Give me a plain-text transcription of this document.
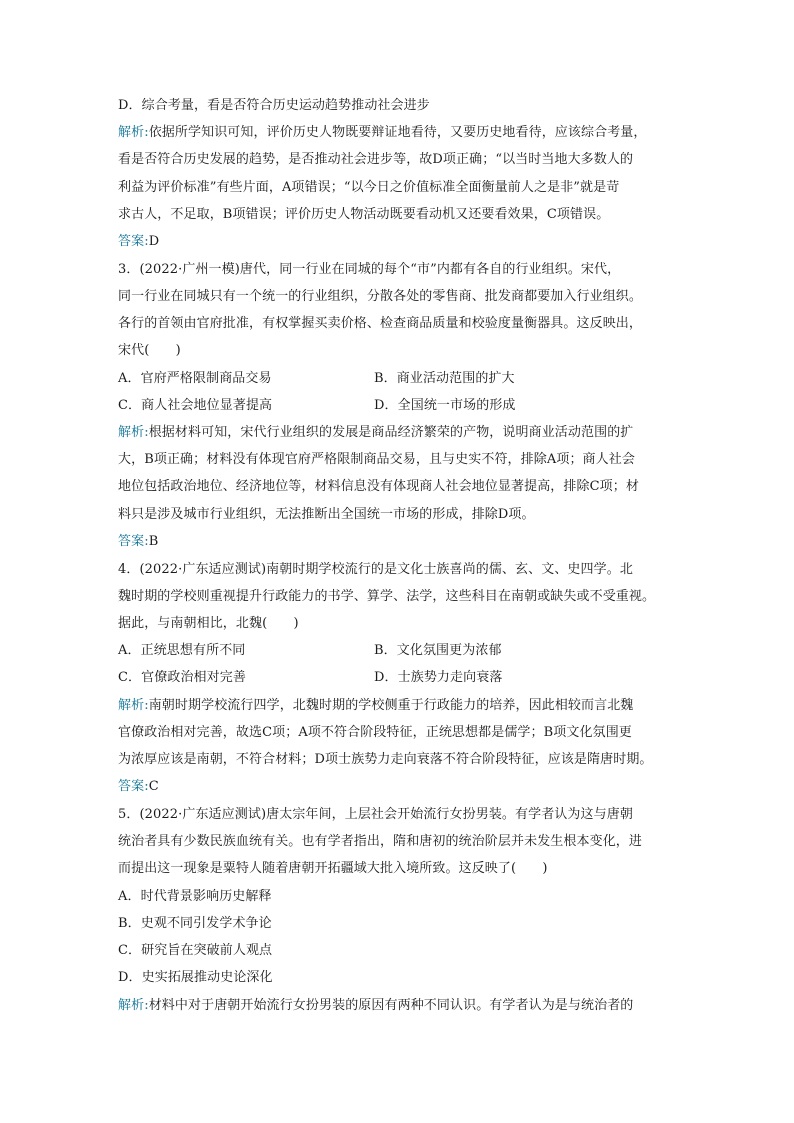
D．综合考量，看是否符合历史运动趋势推动社会进步
解析:依据所学知识可知，评价历史人物既要辩证地看待，又要历史地看待，应该综合考量，
看是否符合历史发展的趋势，是否推动社会进步等，故D项正确；“以当时当地大多数人的
利益为评价标准”有些片面，A项错误；“以今日之价值标准全面衡量前人之是非”就是苛
求古人，不足取，B项错误；评价历史人物活动既要看动机又还要看效果，C项错误。
答案:D
3．(2022·广州一模)唐代，同一行业在同城的每个“市”内都有各自的行业组织。宋代，
同一行业在同城只有一个统一的行业组织，分散各处的零售商、批发商都要加入行业组织。
各行的首领由官府批准，有权掌握买卖价格、检查商品质量和校验度量衡器具。这反映出，
宋代(　　)
A．官府严格限制商品交易	B．商业活动范围的扩大
C．商人社会地位显著提高	D．全国统一市场的形成
解析:根据材料可知，宋代行业组织的发展是商品经济繁荣的产物，说明商业活动范围的扩
大，B项正确；材料没有体现官府严格限制商品交易，且与史实不符，排除A项；商人社会
地位包括政治地位、经济地位等，材料信息没有体现商人社会地位显著提高，排除C项；材
料只是涉及城市行业组织，无法推断出全国统一市场的形成，排除D项。
答案:B
4．(2022·广东适应测试)南朝时期学校流行的是文化士族喜尚的儒、玄、文、史四学。北
魏时期的学校则重视提升行政能力的书学、算学、法学，这些科目在南朝或缺失或不受重视。
据此，与南朝相比，北魏(　　)
A．正统思想有所不同	B．文化氛围更为浓郁
C．官僚政治相对完善	D．士族势力走向衰落
解析:南朝时期学校流行四学，北魏时期的学校侧重于行政能力的培养，因此相较而言北魏
官僚政治相对完善，故选C项；A项不符合阶段特征，正统思想都是儒学；B项文化氛围更
为浓厚应该是南朝，不符合材料；D项士族势力走向衰落不符合阶段特征，应该是隋唐时期。
答案:C
5．(2022·广东适应测试)唐太宗年间，上层社会开始流行女扮男装。有学者认为这与唐朝
统治者具有少数民族血统有关。也有学者指出，隋和唐初的统治阶层并未发生根本变化，进
而提出这一现象是粟特人随着唐朝开拓疆域大批入境所致。这反映了(　　)
A．时代背景影响历史解释
B．史观不同引发学术争论
C．研究旨在突破前人观点
D．史实拓展推动史论深化
解析:材料中对于唐朝开始流行女扮男装的原因有两种不同认识。有学者认为是与统治者的
